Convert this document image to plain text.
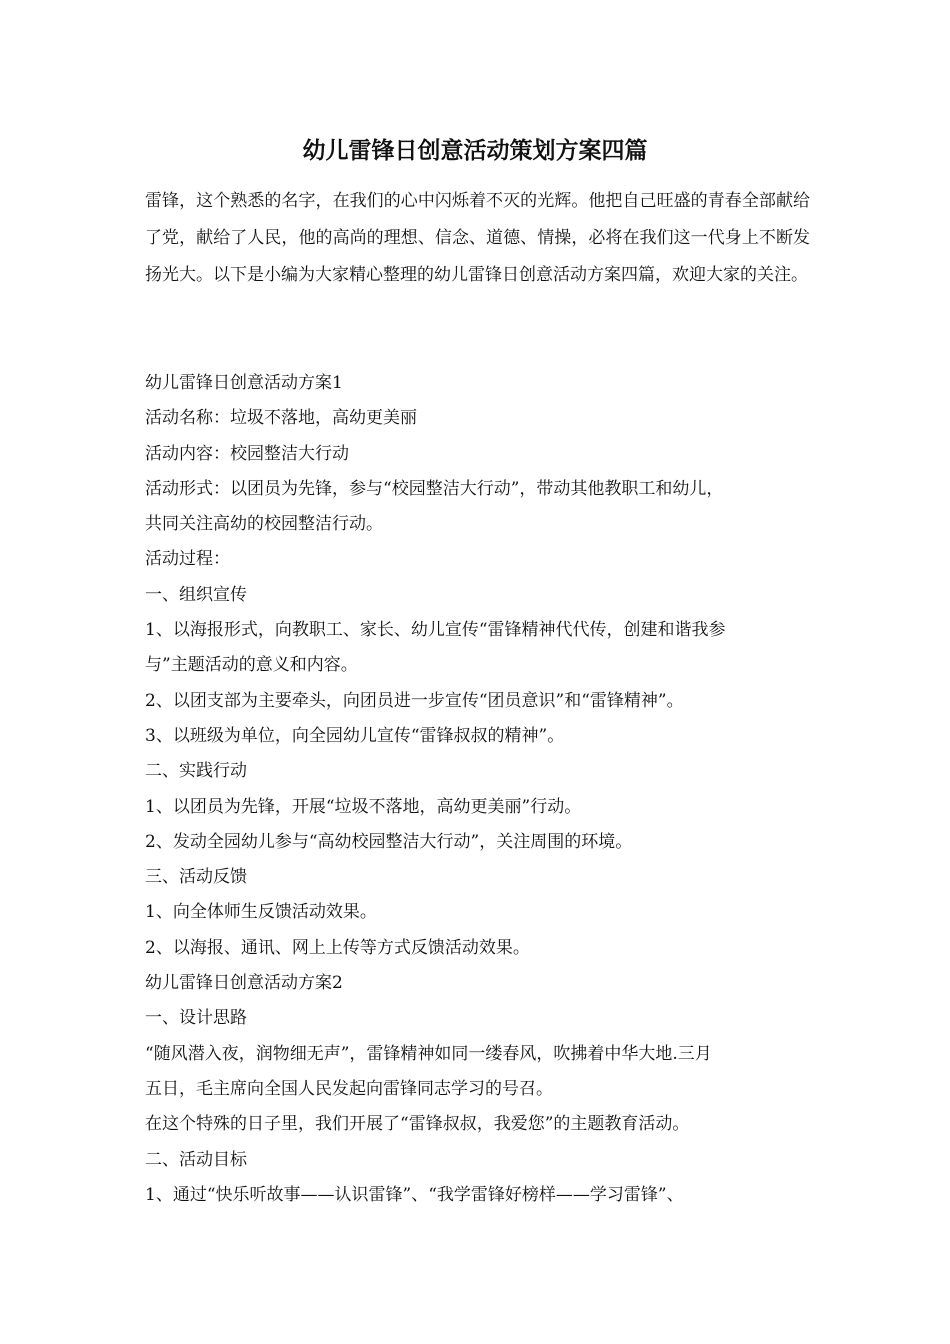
幼儿雷锋日创意活动策划方案四篇

雷锋，这个熟悉的名字，在我们的心中闪烁着不灭的光辉。他把自己旺盛的青春全部献给了党，献给了人民，他的高尚的理想、信念、道德、情操，必将在我们这一代身上不断发扬光大。以下是小编为大家精心整理的幼儿雷锋日创意活动方案四篇，欢迎大家的关注。

幼儿雷锋日创意活动方案1
活动名称：垃圾不落地，高幼更美丽
活动内容：校园整洁大行动
活动形式：以团员为先锋，参与“校园整洁大行动”，带动其他教职工和幼儿，
共同关注高幼的校园整洁行动。
活动过程：
一、组织宣传
1、以海报形式，向教职工、家长、幼儿宣传“雷锋精神代代传，创建和谐我参
与”主题活动的意义和内容。
2、以团支部为主要牵头，向团员进一步宣传“团员意识”和“雷锋精神”。
3、以班级为单位，向全园幼儿宣传“雷锋叔叔的精神”。
二、实践行动
1、以团员为先锋，开展“垃圾不落地，高幼更美丽”行动。
2、发动全园幼儿参与“高幼校园整洁大行动”，关注周围的环境。
三、活动反馈
1、向全体师生反馈活动效果。
2、以海报、通讯、网上上传等方式反馈活动效果。
幼儿雷锋日创意活动方案2
一、设计思路
“随风潜入夜，润物细无声”，雷锋精神如同一缕春风，吹拂着中华大地.三月
五日，毛主席向全国人民发起向雷锋同志学习的号召。
在这个特殊的日子里，我们开展了“雷锋叔叔，我爱您”的主题教育活动。
二、活动目标
1、通过“快乐听故事——认识雷锋”、“我学雷锋好榜样——学习雷锋”、
